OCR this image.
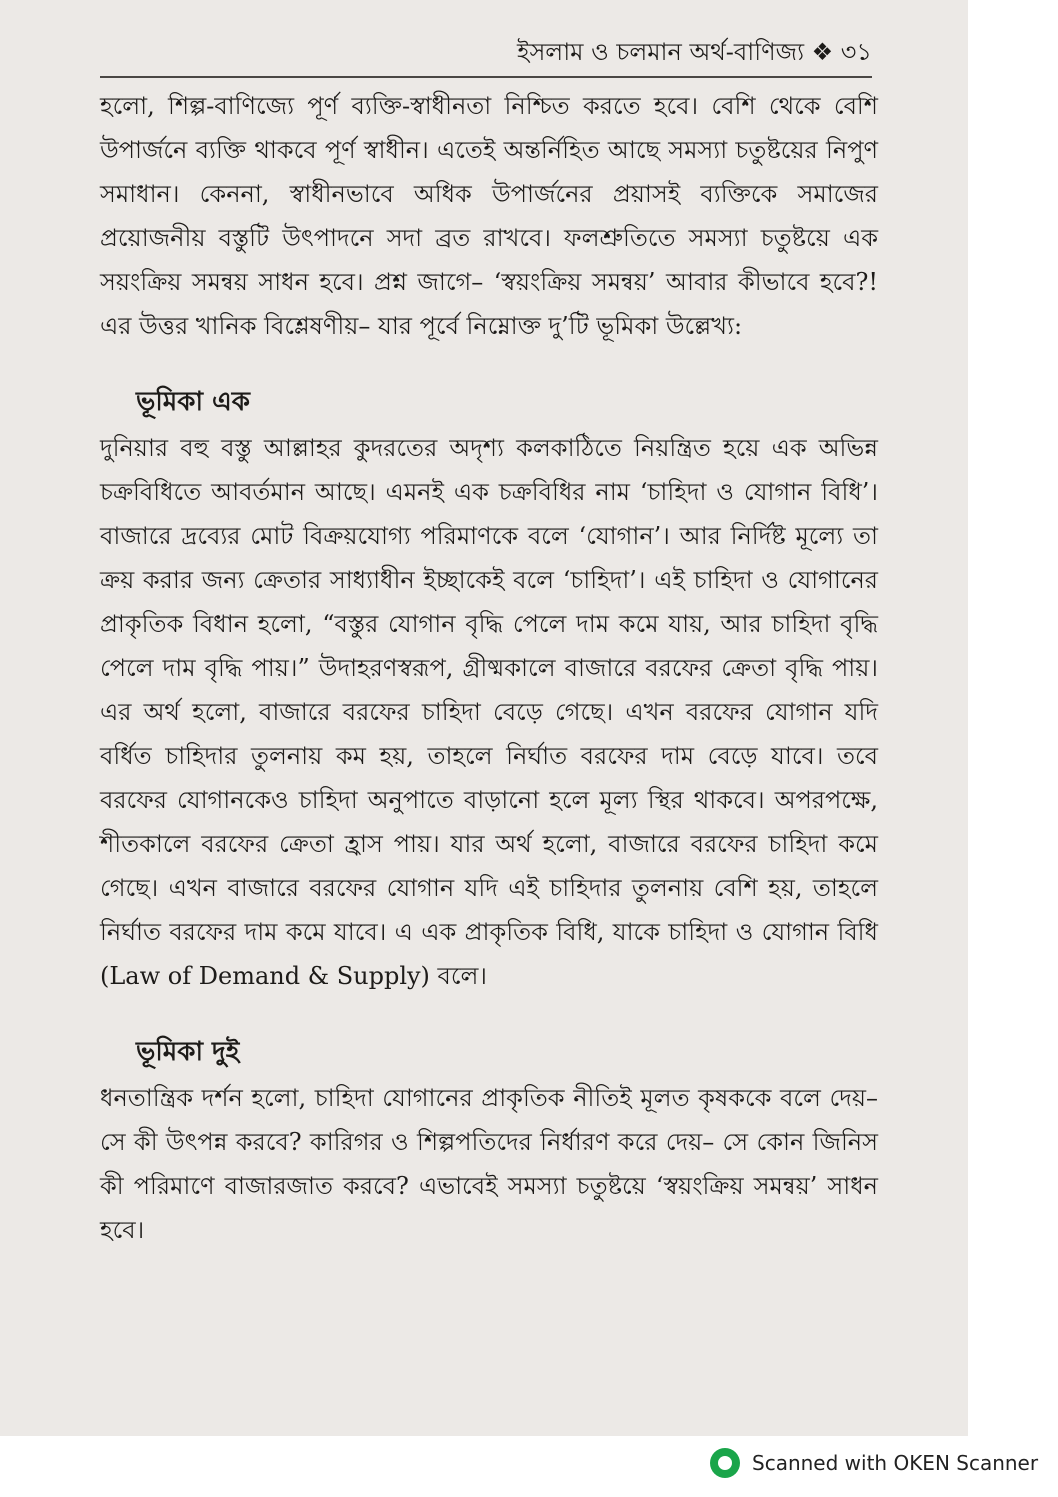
ইসলাম ও চলমান অর্থ-বাণিজ্য ❖ ৩১

হলো, শিল্প-বাণিজ্যে পূর্ণ ব্যক্তি-স্বাধীনতা নিশ্চিত করতে হবে। বেশি থেকে বেশি উপার্জনে ব্যক্তি থাকবে পূর্ণ স্বাধীন। এতেই অন্তর্নিহিত আছে সমস্যা চতুষ্টয়ের নিপুণ সমাধান। কেননা, স্বাধীনভাবে অধিক উপার্জনের প্রয়াসই ব্যক্তিকে সমাজের প্রয়োজনীয় বস্তুটি উৎপাদনে সদা ব্রত রাখবে। ফলশ্রুতিতে সমস্যা চতুষ্টয়ে এক সয়ংক্রিয় সমন্বয় সাধন হবে। প্রশ্ন জাগে– ‘স্বয়ংক্রিয় সমন্বয়’ আবার কীভাবে হবে?! এর উত্তর খানিক বিশ্লেষণীয়– যার পূর্বে নিম্নোক্ত দু’টি ভূমিকা উল্লেখ্য:

ভূমিকা এক

দুনিয়ার বহু বস্তু আল্লাহর কুদরতের অদৃশ্য কলকাঠিতে নিয়ন্ত্রিত হয়ে এক অভিন্ন চক্রবিধিতে আবর্তমান আছে। এমনই এক চক্রবিধির নাম ‘চাহিদা ও যোগান বিধি’। বাজারে দ্রব্যের মোট বিক্রয়যোগ্য পরিমাণকে বলে ‘যোগান’। আর নির্দিষ্ট মূল্যে তা ক্রয় করার জন্য ক্রেতার সাধ্যাধীন ইচ্ছাকেই বলে ‘চাহিদা’। এই চাহিদা ও যোগানের প্রাকৃতিক বিধান হলো, “বস্তুর যোগান বৃদ্ধি পেলে দাম কমে যায়, আর চাহিদা বৃদ্ধি পেলে দাম বৃদ্ধি পায়।” উদাহরণস্বরূপ, গ্রীষ্মকালে বাজারে বরফের ক্রেতা বৃদ্ধি পায়। এর অর্থ হলো, বাজারে বরফের চাহিদা বেড়ে গেছে। এখন বরফের যোগান যদি বর্ধিত চাহিদার তুলনায় কম হয়, তাহলে নির্ঘাত বরফের দাম বেড়ে যাবে। তবে বরফের যোগানকেও চাহিদা অনুপাতে বাড়ানো হলে মূল্য স্থির থাকবে। অপরপক্ষে, শীতকালে বরফের ক্রেতা হ্রাস পায়। যার অর্থ হলো, বাজারে বরফের চাহিদা কমে গেছে। এখন বাজারে বরফের যোগান যদি এই চাহিদার তুলনায় বেশি হয়, তাহলে নির্ঘাত বরফের দাম কমে যাবে। এ এক প্রাকৃতিক বিধি, যাকে চাহিদা ও যোগান বিধি (Law of Demand & Supply) বলে।

ভূমিকা দুই

ধনতান্ত্রিক দর্শন হলো, চাহিদা যোগানের প্রাকৃতিক নীতিই মূলত কৃষককে বলে দেয়– সে কী উৎপন্ন করবে? কারিগর ও শিল্পপতিদের নির্ধারণ করে দেয়– সে কোন জিনিস কী পরিমাণে বাজারজাত করবে? এভাবেই সমস্যা চতুষ্টয়ে ‘স্বয়ংক্রিয় সমন্বয়’ সাধন হবে।

Scanned with OKEN Scanner
